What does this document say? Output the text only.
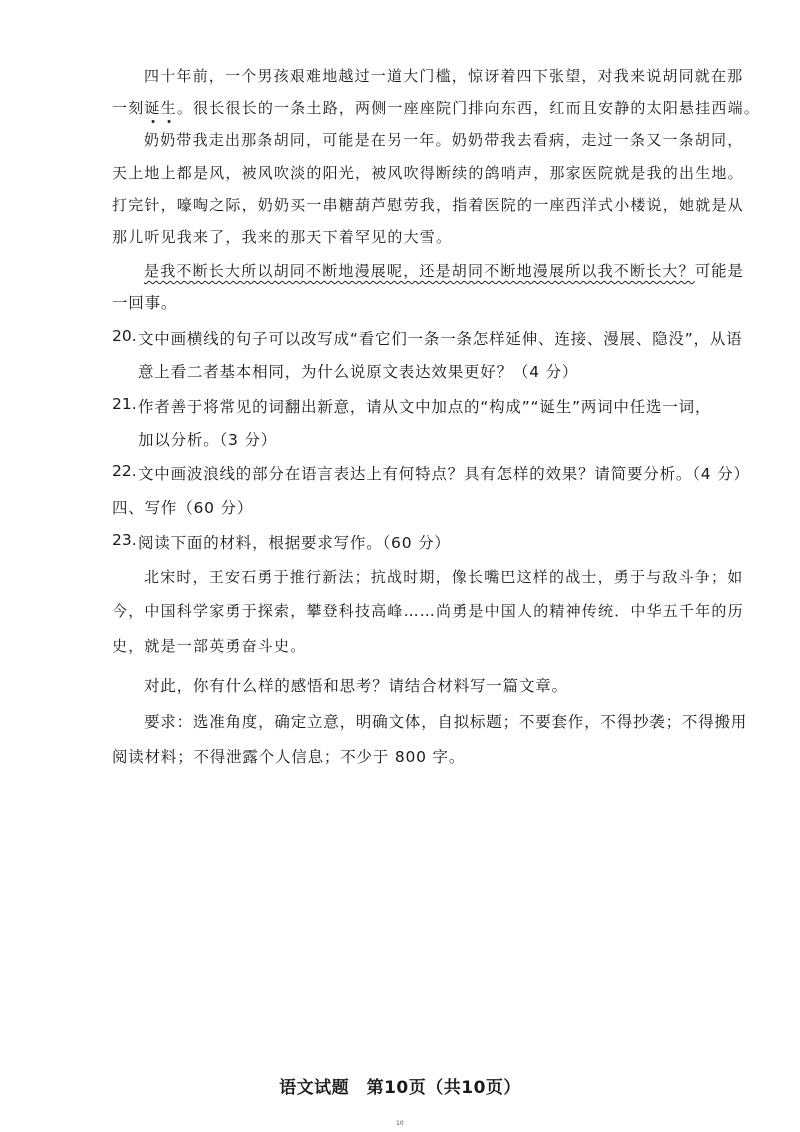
四十年前，一个男孩艰难地越过一道大门槛，惊讶着四下张望，对我来说胡同就在那
一刻诞生。很长很长的一条土路，两侧一座座院门排向东西，红而且安静的太阳悬挂西端。
奶奶带我走出那条胡同，可能是在另一年。奶奶带我去看病，走过一条又一条胡同，
天上地上都是风，被风吹淡的阳光，被风吹得断续的鸽哨声，那家医院就是我的出生地。
打完针，嚎啕之际，奶奶买一串糖葫芦慰劳我，指着医院的一座西洋式小楼说，她就是从
那儿听见我来了，我来的那天下着罕见的大雪。
是我不断长大所以胡同不断地漫展呢，还是胡同不断地漫展所以我不断长大？可能是
一回事。
20. 文中画横线的句子可以改写成“看它们一条一条怎样延伸、连接、漫展、隐没”，从语
意上看二者基本相同，为什么说原文表达效果更好？（4 分）
21. 作者善于将常见的词翻出新意，请从文中加点的“构成”“诞生”两词中任选一词，
加以分析。（3 分）
22. 文中画波浪线的部分在语言表达上有何特点？具有怎样的效果？请简要分析。（4 分）
四、写作（60 分）
23. 阅读下面的材料，根据要求写作。（60 分）
北宋时，王安石勇于推行新法；抗战时期，像长嘴巴这样的战士，勇于与敌斗争；如
今，中国科学家勇于探索，攀登科技高峰……尚勇是中国人的精神传统．中华五千年的历
史，就是一部英勇奋斗史。
对此，你有什么样的感悟和思考？请结合材料写一篇文章。
要求：选准角度，确定立意，明确文体，自拟标题；不要套作，不得抄袭；不得搬用
阅读材料；不得泄露个人信息；不少于 800 字。
语文试题　第10页（共10页）
10
